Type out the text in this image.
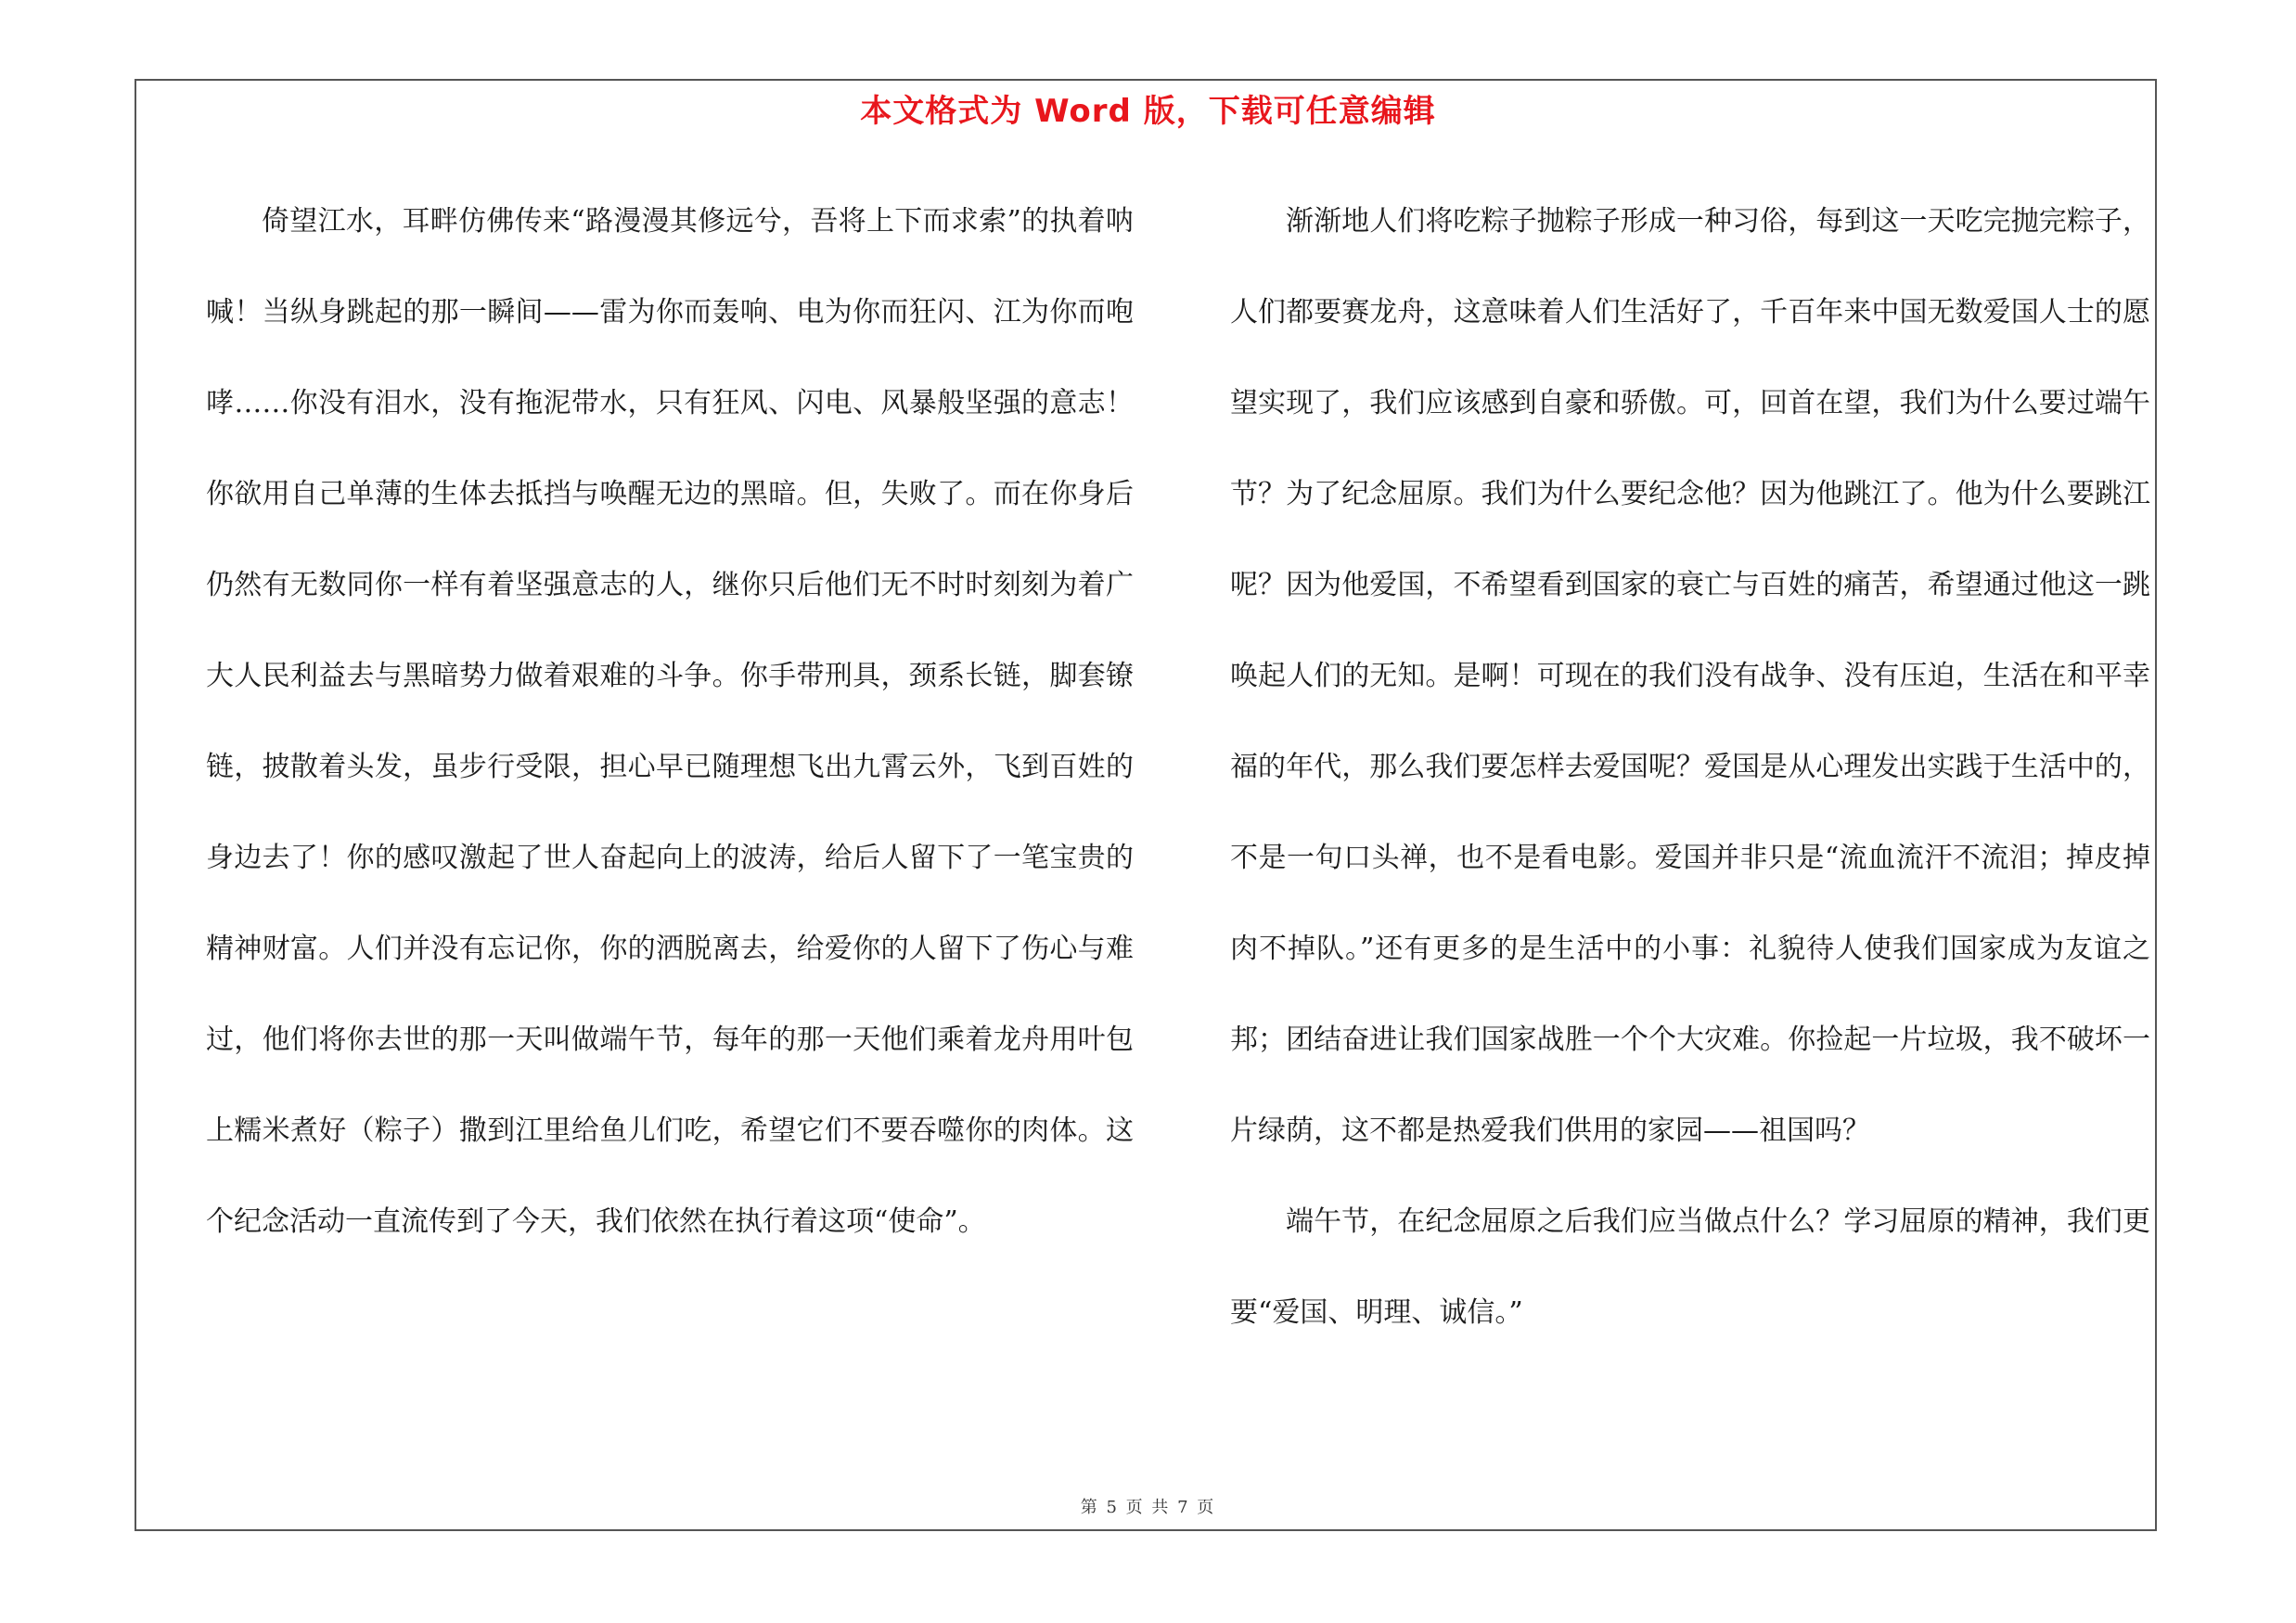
本文格式为 Word 版，下载可任意编辑

倚望江水，耳畔仿佛传来“路漫漫其修远兮，吾将上下而求索”的执着呐喊！当纵身跳起的那一瞬间——雷为你而轰响、电为你而狂闪、江为你而咆哮……你没有泪水，没有拖泥带水，只有狂风、闪电、风暴般坚强的意志！你欲用自己单薄的生体去抵挡与唤醒无边的黑暗。但，失败了。而在你身后仍然有无数同你一样有着坚强意志的人，继你只后他们无不时时刻刻为着广大人民利益去与黑暗势力做着艰难的斗争。你手带刑具，颈系长链，脚套镣链，披散着头发，虽步行受限，担心早已随理想飞出九霄云外，飞到百姓的身边去了！你的感叹激起了世人奋起向上的波涛，给后人留下了一笔宝贵的精神财富。人们并没有忘记你，你的洒脱离去，给爱你的人留下了伤心与难过，他们将你去世的那一天叫做端午节，每年的那一天他们乘着龙舟用叶包上糯米煮好（粽子）撒到江里给鱼儿们吃，希望它们不要吞噬你的肉体。这个纪念活动一直流传到了今天，我们依然在执行着这项“使命”。

渐渐地人们将吃粽子抛粽子形成一种习俗，每到这一天吃完抛完粽子，人们都要赛龙舟，这意味着人们生活好了，千百年来中国无数爱国人士的愿望实现了，我们应该感到自豪和骄傲。可，回首在望，我们为什么要过端午节？为了纪念屈原。我们为什么要纪念他？因为他跳江了。他为什么要跳江呢？因为他爱国，不希望看到国家的衰亡与百姓的痛苦，希望通过他这一跳唤起人们的无知。是啊！可现在的我们没有战争、没有压迫，生活在和平幸福的年代，那么我们要怎样去爱国呢？爱国是从心理发出实践于生活中的，不是一句口头禅，也不是看电影。爱国并非只是“流血流汗不流泪；掉皮掉肉不掉队。”还有更多的是生活中的小事：礼貌待人使我们国家成为友谊之邦；团结奋进让我们国家战胜一个个大灾难。你捡起一片垃圾，我不破坏一片绿荫，这不都是热爱我们供用的家园——祖国吗？

端午节，在纪念屈原之后我们应当做点什么？学习屈原的精神，我们更要“爱国、明理、诚信。”

第 5 页 共 7 页
